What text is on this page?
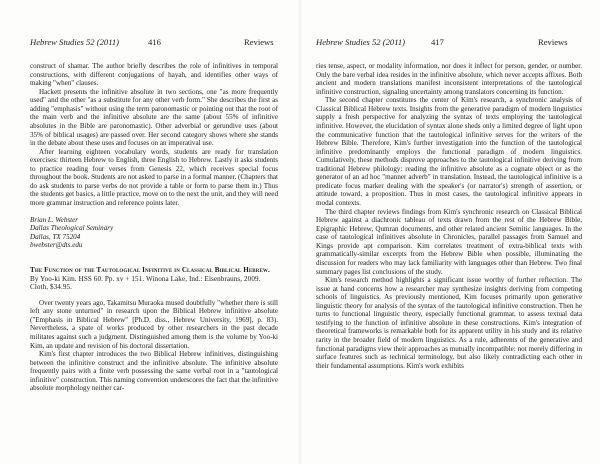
Hebrew Studies 52 (2011)	416	Reviews

construct of shamar. The author briefly describes the role of infinitives in temporal constructions, with different conjugations of hayah, and identifies other ways of making "when" clauses.

Hackett presents the infinitive absolute in two sections, one "as more frequently used" and the other "as a substitute for any other verb form." She describes the first as adding "emphasis" without using the term paronomastic or pointing out that the root of the main verb and the infinitive absolute are the same (about 55% of infinitive absolutes in the Bible are paronomastic). Other adverbial or gerundive uses (about 35% of biblical usages) are passed over. Her second category shows where she stands in the debate about these uses and focuses on an imperatival use.

After learning eighteen vocabulary words, students are ready for translation exercises: thirteen Hebrew to English, three English to Hebrew. Lastly it asks students to practice reading four verses from Genesis 22, which receives special focus throughout the book. Students are not asked to parse in a formal manner. (Chapters that do ask students to parse verbs do not provide a table or form to parse them in.) Thus the students get basics, a little practice, move on to the next the unit, and they will need more grammar instruction and reference points later.

Brian L. Webster
Dallas Theological Seminary
Dallas, TX 75204
bwebster@dts.edu
The Function of the Tautological Infinitive in Classical Biblical Hebrew. By Yoo-ki Kim. HSS 60. Pp. xv + 151. Winona Lake, Ind.: Eisenbrauns, 2009. Cloth, $34.95.

Over twenty years ago, Takamitsu Muraoka mused doubtfully "whether there is still left any stone unturned" in research upon the Biblical Hebrew infinitive absolute ("Emphasis in Biblical Hebrew" [Ph.D. diss., Hebrew University, 1969], p. 83). Nevertheless, a spate of works produced by other researchers in the past decade militates against such a judgment. Distinguished among them is the volume by Yoo-ki Kim, an update and revision of his doctoral dissertation.

Kim's first chapter introduces the two Biblical Hebrew infinitives, distinguishing between the infinitive construct and the infinitive absolute. The infinitive absolute frequently pairs with a finite verb possessing the same verbal root in a "tautological infinitive" construction. This naming convention underscores the fact that the infinitive absolute morphology neither car-

Hebrew Studies 52 (2011)	417	Reviews

ries tense, aspect, or modality information, nor does it inflect for person, gender, or number. Only the bare verbal idea resides in the infinitive absolute, which never accepts affixes. Both ancient and modern translations manifest inconsistent interpretations of the tautological infinitive construction, signaling uncertainty among translators concerning its function.

The second chapter constitutes the center of Kim's research, a synchronic analysis of Classical Biblical Hebrew texts. Insights from the generative paradigm of modern linguistics supply a fresh perspective for analyzing the syntax of texts employing the tautological infinitive. However, the elucidation of syntax alone sheds only a limited degree of light upon the communicative function that the tautological infinitive serves for the writers of the Hebrew Bible. Therefore, Kim's further investigation into the function of the tautological infinitive predominantly employs the functional paradigm of modern linguistics. Cumulatively, these methods disprove approaches to the tautological infinitive deriving from traditional Hebrew philology: reading the infinitive absolute as a cognate object or as the generator of an ad hoc "manner adverb" in translation. Instead, the tautological infinitive is a predicate focus marker dealing with the speaker's (or narrator's) strength of assertion, or attitude toward, a proposition. Thus in most cases, the tautological infinitive appears in modal contexts.

The third chapter reviews findings from Kim's synchronic research on Classical Biblical Hebrew against a diachronic tableau of texts drawn from the rest of the Hebrew Bible, Epigraphic Hebrew, Qumran documents, and other related ancient Semitic languages. In the case of tautological infinitives absolute in Chronicles, parallel passages from Samuel and Kings provide apt comparison. Kim correlates treatment of extra-biblical texts with grammatically-similar excerpts from the Hebrew Bible when possible, illuminating the discussion for readers who may lack familiarity with languages other than Hebrew. Two final summary pages list conclusions of the study.

Kim's research method highlights a significant issue worthy of further reflection. The issue at hand concerns how a researcher may synthesize insights deriving from competing schools of linguistics. As previously mentioned, Kim focuses primarily upon generative linguistic theory for analysis of the syntax of the tautological infinitive construction. Then he turns to functional linguistic theory, especially functional grammar, to assess textual data testifying to the function of infinitive absolute in these constructions. Kim's integration of theoretical frameworks is remarkable both for its apparent utility in his study and its relative rarity in the broader field of modern linguistics. As a rule, adherents of the generative and functional paradigms view their approaches as mutually incompatible: not merely differing in surface features such as technical terminology, but also likely contradicting each other in their fundamental assumptions. Kim's work exhibits
